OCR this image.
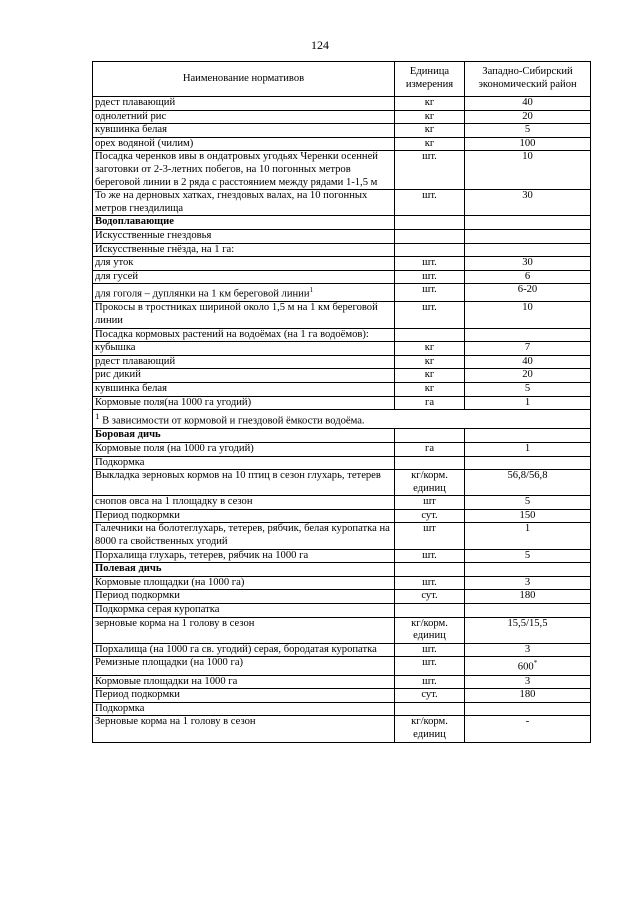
124
Наименование нормативов	Единица измерения	Западно-Сибирский экономический район
рдест плавающий	кг	40
однолетний рис	кг	20
кувшинка белая	кг	5
орех водяной (чилим)	кг	100
Посадка черенков ивы в ондатровых угодьях Черенки осенней заготовки от 2-3-летних побегов, на 10 погонных метров береговой линии в 2 ряда с расстоянием между рядами 1-1,5 м	шт.	10
То же на дерновых хатках, гнездовых валах, на 10 погонных метров гнездилища	шт.	30
Водоплавающие		
Искусственные гнездовья		
Искусственные гнёзда, на 1 га:		
для уток	шт.	30
для гусей	шт.	6
для гоголя – дуплянки на 1 км береговой линии$^1$	шт.	6-20
Прокосы в тростниках шириной около 1,5 м на 1 км береговой линии	шт.	10
Посадка кормовых растений на водоёмах (на 1 га водоёмов):		
кубышка	кг	7
рдест плавающий	кг	40
рис дикий	кг	20
кувшинка белая	кг	5
Кормовые поля(на 1000 га угодий)	га	1
$^1$ В зависимости от кормовой и гнездовой ёмкости водоёма.		
Боровая дичь		
Кормовые поля (на 1000 га угодий)	га	1
Подкормка		
Выкладка зерновых кормов на 10 птиц в сезон глухарь, тетерев	кг/корм. единиц	56,8/56,8
снопов овса на 1 площадку в сезон	шт	5
Период подкормки	сут.	150
Галечники на болотеглухарь, тетерев, рябчик, белая куропатка на 8000 га свойственных угодий	шт	1
Порхалища глухарь, тетерев, рябчик на 1000 га	шт.	5
Полевая дичь		
Кормовые площадки (на 1000 га)	шт.	3
Период подкормки	сут.	180
Подкормка серая куропатка		
зерновые корма на 1 голову в сезон	кг/корм. единиц	15,5/15,5
Порхалища (на 1000 га св. угодий) серая, бородатая куропатка	шт.	3
Ремизные площадки (на 1000 га)	шт.	600*
Кормовые площадки на 1000 га	шт.	3
Период подкормки	сут.	180
Подкормка		
Зерновые корма на 1 голову в сезон	кг/корм. единиц	-
